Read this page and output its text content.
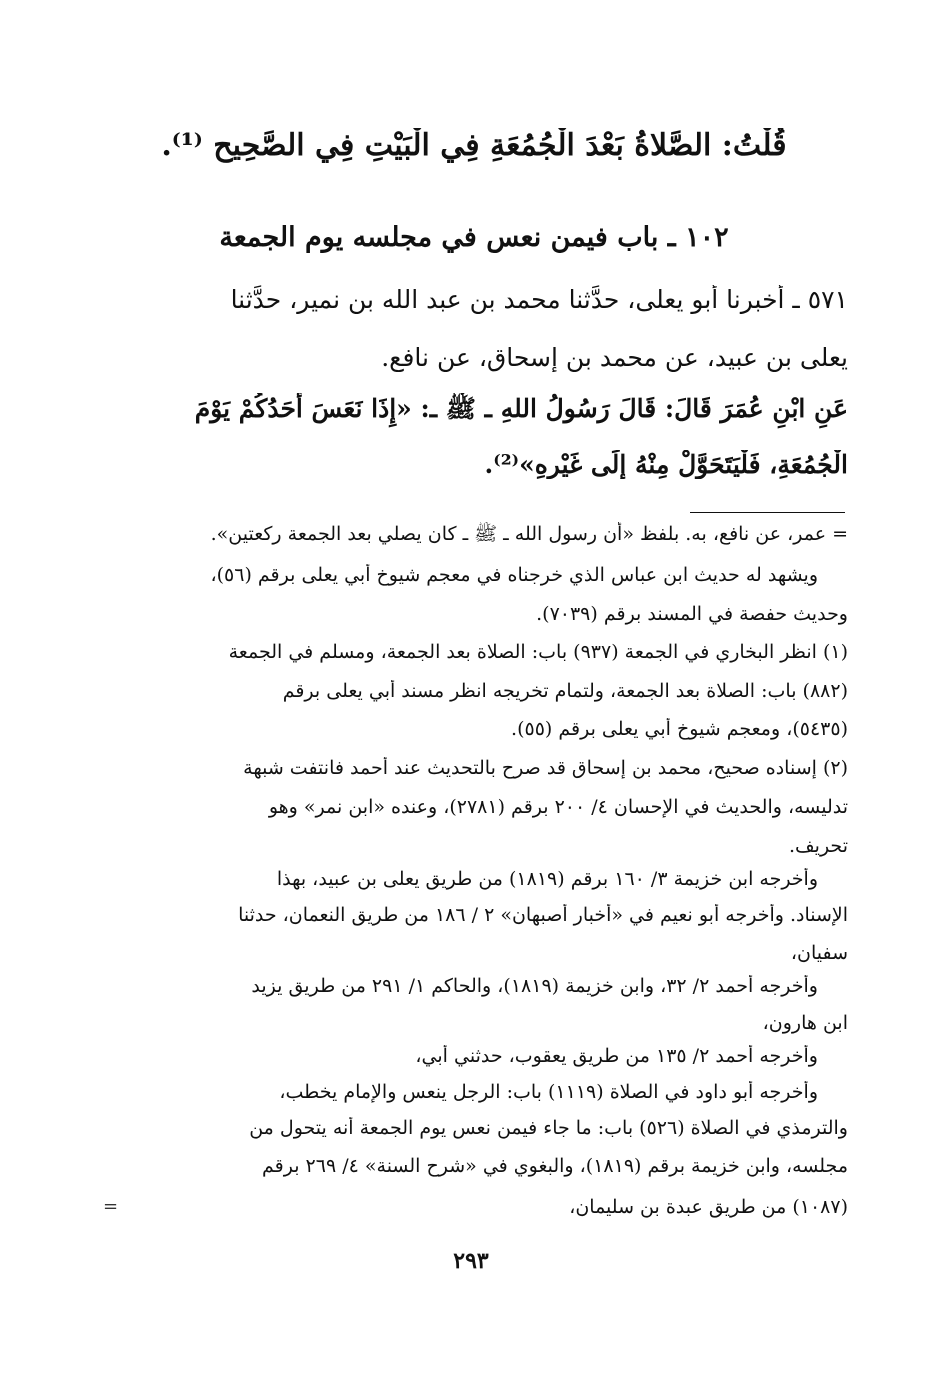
قُلْتُ: الصَّلاةُ بَعْدَ الْجُمُعَةِ فِي الْبَيْتِ فِي الصَّحِيحِ ⁽¹⁾.
١٠٢ ـ باب فيمن نعس في مجلسه يوم الجمعة
٥٧١ ـ أخبرنا أبو يعلى، حدَّثنا محمد بن عبد الله بن نمير، حدَّثنا
يعلى بن عبيد، عن محمد بن إسحاق، عن نافع.
عَنِ ابْنِ عُمَرَ قَالَ: قَالَ رَسُولُ اللهِ ـ ﷺ ـ: «إِذَا نَعَسَ أَحَدُكُمْ يَوْمَ
الْجُمُعَةِ، فَلْيَتَحَوَّلْ مِنْهُ إِلَى غَيْرِهِ»⁽²⁾.
= عمر، عن نافع، به. بلفظ «أن رسول الله ـ ﷺ ـ كان يصلي بعد الجمعة ركعتين».
ويشهد له حديث ابن عباس الذي خرجناه في معجم شيوخ أبي يعلى برقم (٥٦)،
وحديث حفصة في المسند برقم (٧٠٣٩).
(١) انظر البخاري في الجمعة (٩٣٧) باب: الصلاة بعد الجمعة، ومسلم في الجمعة
(٨٨٢) باب: الصلاة بعد الجمعة، ولتمام تخريجه انظر مسند أبي يعلى برقم
(٥٤٣٥)، ومعجم شيوخ أبي يعلى برقم (٥٥).
(٢) إسناده صحيح، محمد بن إسحاق قد صرح بالتحديث عند أحمد فانتفت شبهة
تدليسه، والحديث في الإحسان ٤/ ٢٠٠ برقم (٢٧٨١)، وعنده «ابن نمر» وهو
تحريف.
وأخرجه ابن خزيمة ٣/ ١٦٠ برقم (١٨١٩) من طريق يعلى بن عبيد، بهذا
الإسناد. وأخرجه أبو نعيم في «أخبار أصبهان» ٢ / ١٨٦ من طريق النعمان، حدثنا
سفيان،
وأخرجه أحمد ٢/ ٣٢، وابن خزيمة (١٨١٩)، والحاكم ١/ ٢٩١ من طريق يزيد
ابن هارون،
وأخرجه أحمد ٢/ ١٣٥ من طريق يعقوب، حدثني أبي،
وأخرجه أبو داود في الصلاة (١١١٩) باب: الرجل ينعس والإمام يخطب،
والترمذي في الصلاة (٥٢٦) باب: ما جاء فيمن نعس يوم الجمعة أنه يتحول من
مجلسه، وابن خزيمة برقم (١٨١٩)، والبغوي في «شرح السنة» ٤/ ٢٦٩ برقم
(١٠٨٧) من طريق عبدة بن سليمان،
=
٢٩٣
